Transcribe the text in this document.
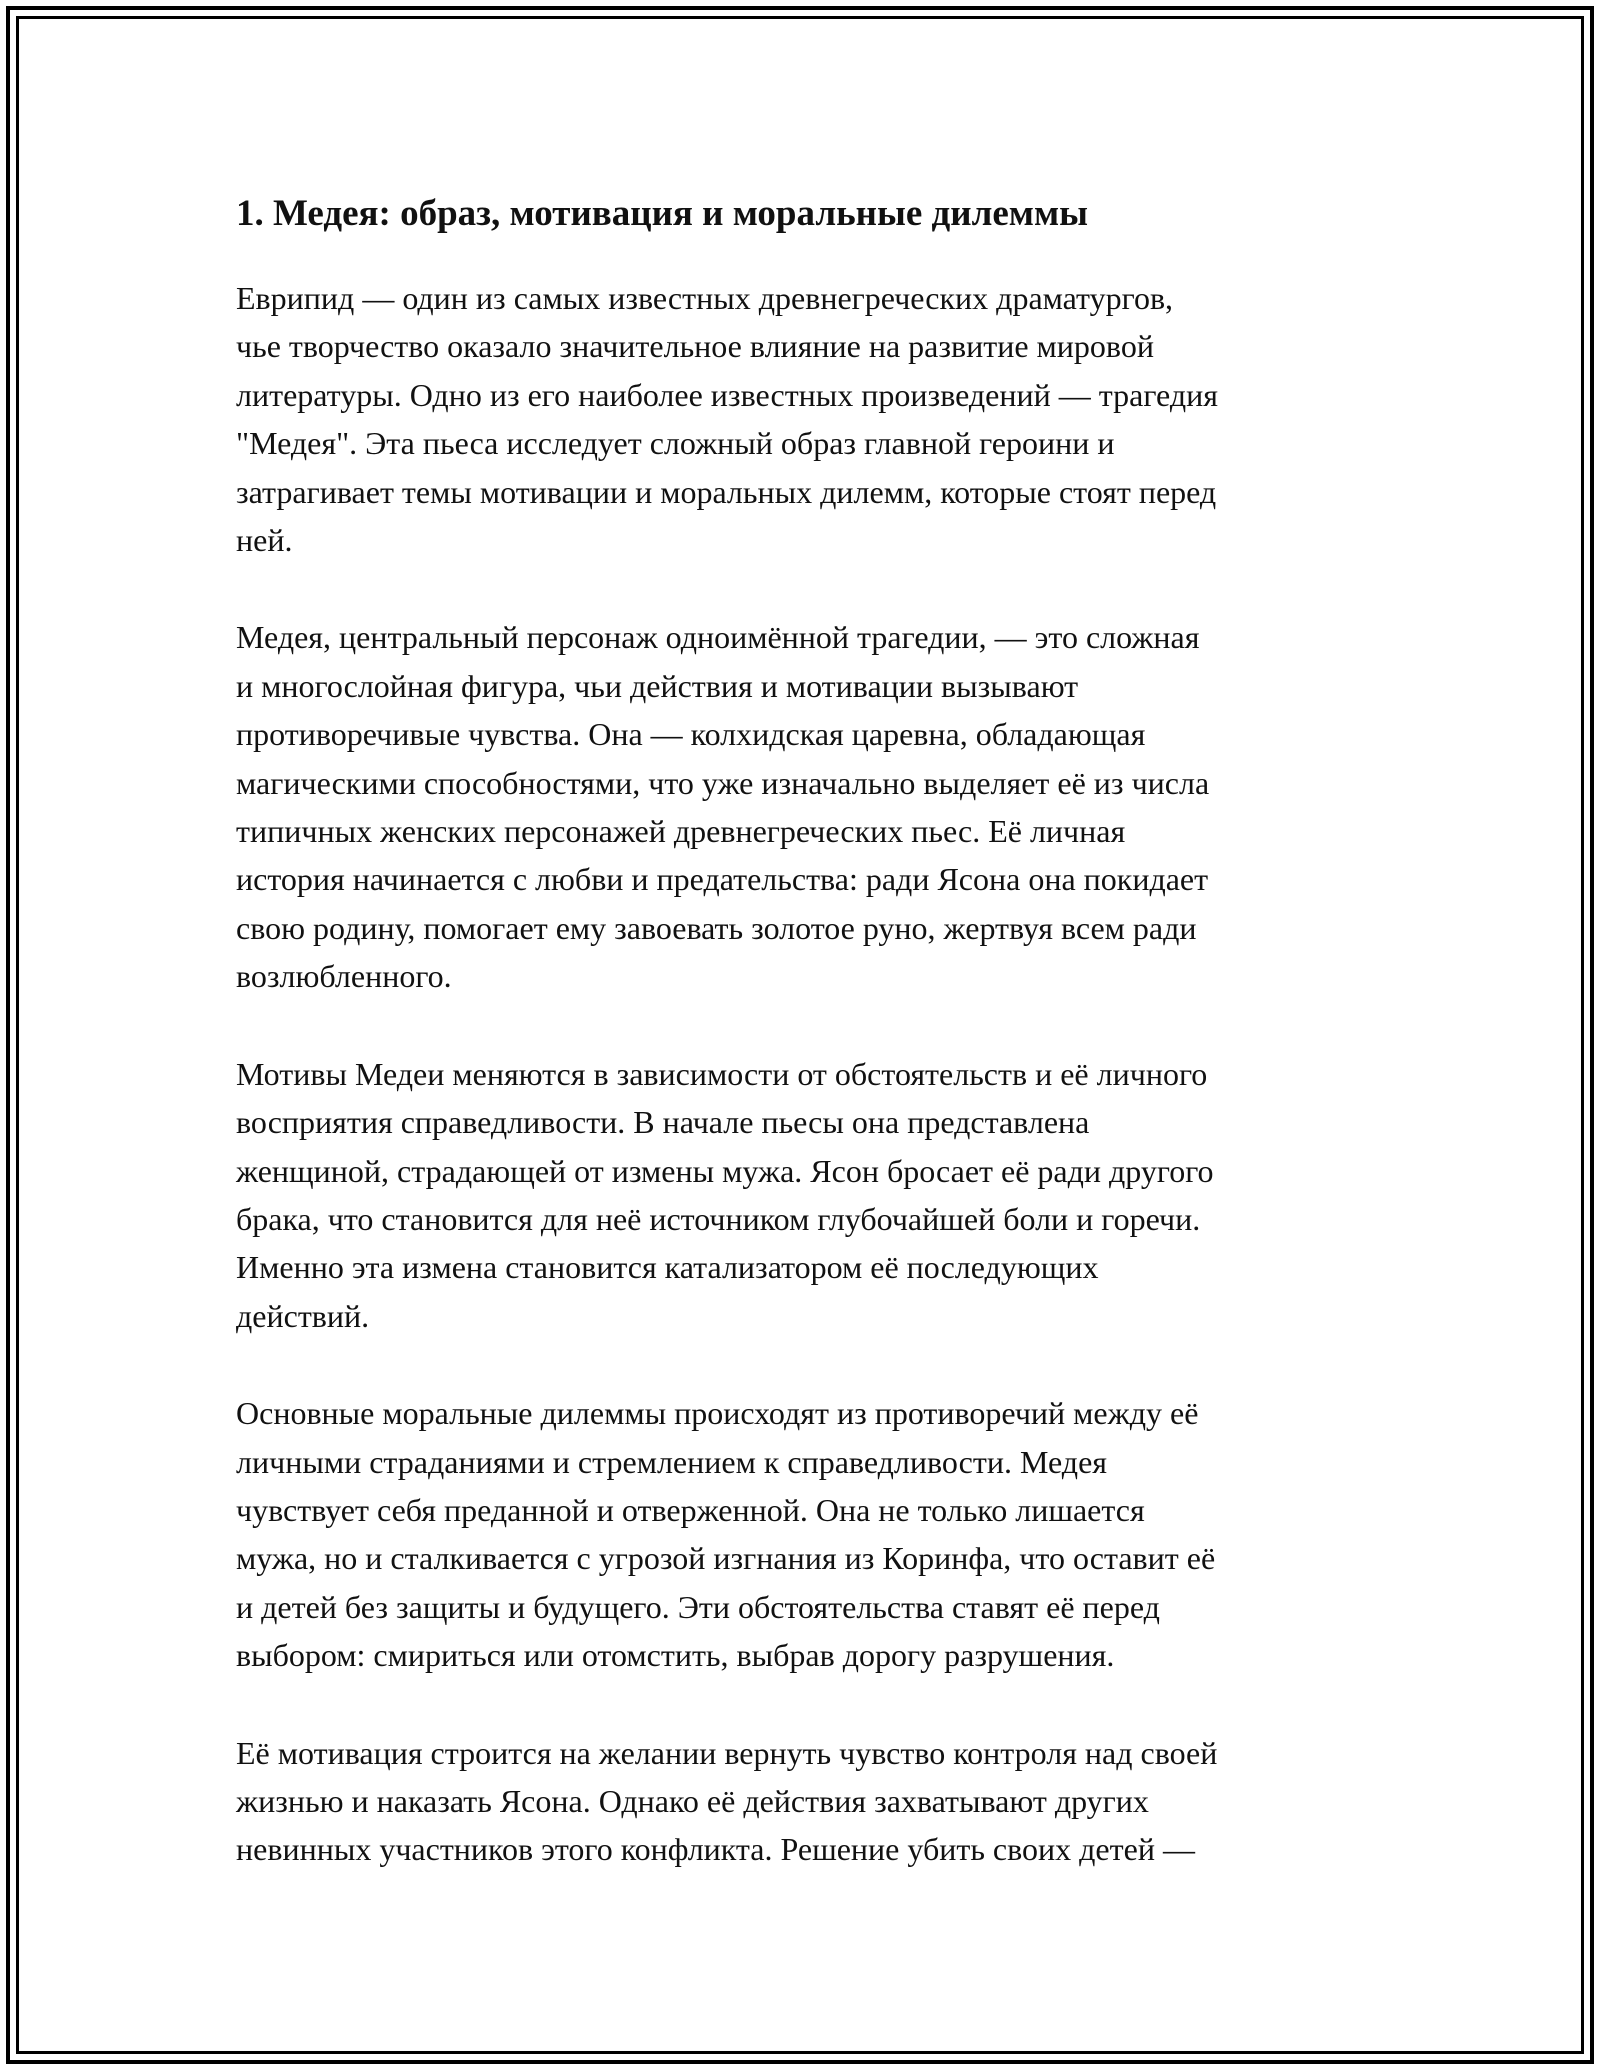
1. Медея: образ, мотивация и моральные дилеммы

Еврипид — один из самых известных древнегреческих драматургов,
чье творчество оказало значительное влияние на развитие мировой
литературы. Одно из его наиболее известных произведений — трагедия
"Медея". Эта пьеса исследует сложный образ главной героини и
затрагивает темы мотивации и моральных дилемм, которые стоят перед
ней.

Медея, центральный персонаж одноимённой трагедии, — это сложная
и многослойная фигура, чьи действия и мотивации вызывают
противоречивые чувства. Она — колхидская царевна, обладающая
магическими способностями, что уже изначально выделяет её из числа
типичных женских персонажей древнегреческих пьес. Её личная
история начинается с любви и предательства: ради Ясона она покидает
свою родину, помогает ему завоевать золотое руно, жертвуя всем ради
возлюбленного.

Мотивы Медеи меняются в зависимости от обстоятельств и её личного
восприятия справедливости. В начале пьесы она представлена
женщиной, страдающей от измены мужа. Ясон бросает её ради другого
брака, что становится для неё источником глубочайшей боли и горечи.
Именно эта измена становится катализатором её последующих
действий.

Основные моральные дилеммы происходят из противоречий между её
личными страданиями и стремлением к справедливости. Медея
чувствует себя преданной и отверженной. Она не только лишается
мужа, но и сталкивается с угрозой изгнания из Коринфа, что оставит её
и детей без защиты и будущего. Эти обстоятельства ставят её перед
выбором: смириться или отомстить, выбрав дорогу разрушения.

Её мотивация строится на желании вернуть чувство контроля над своей
жизнью и наказать Ясона. Однако её действия захватывают других
невинных участников этого конфликта. Решение убить своих детей —
